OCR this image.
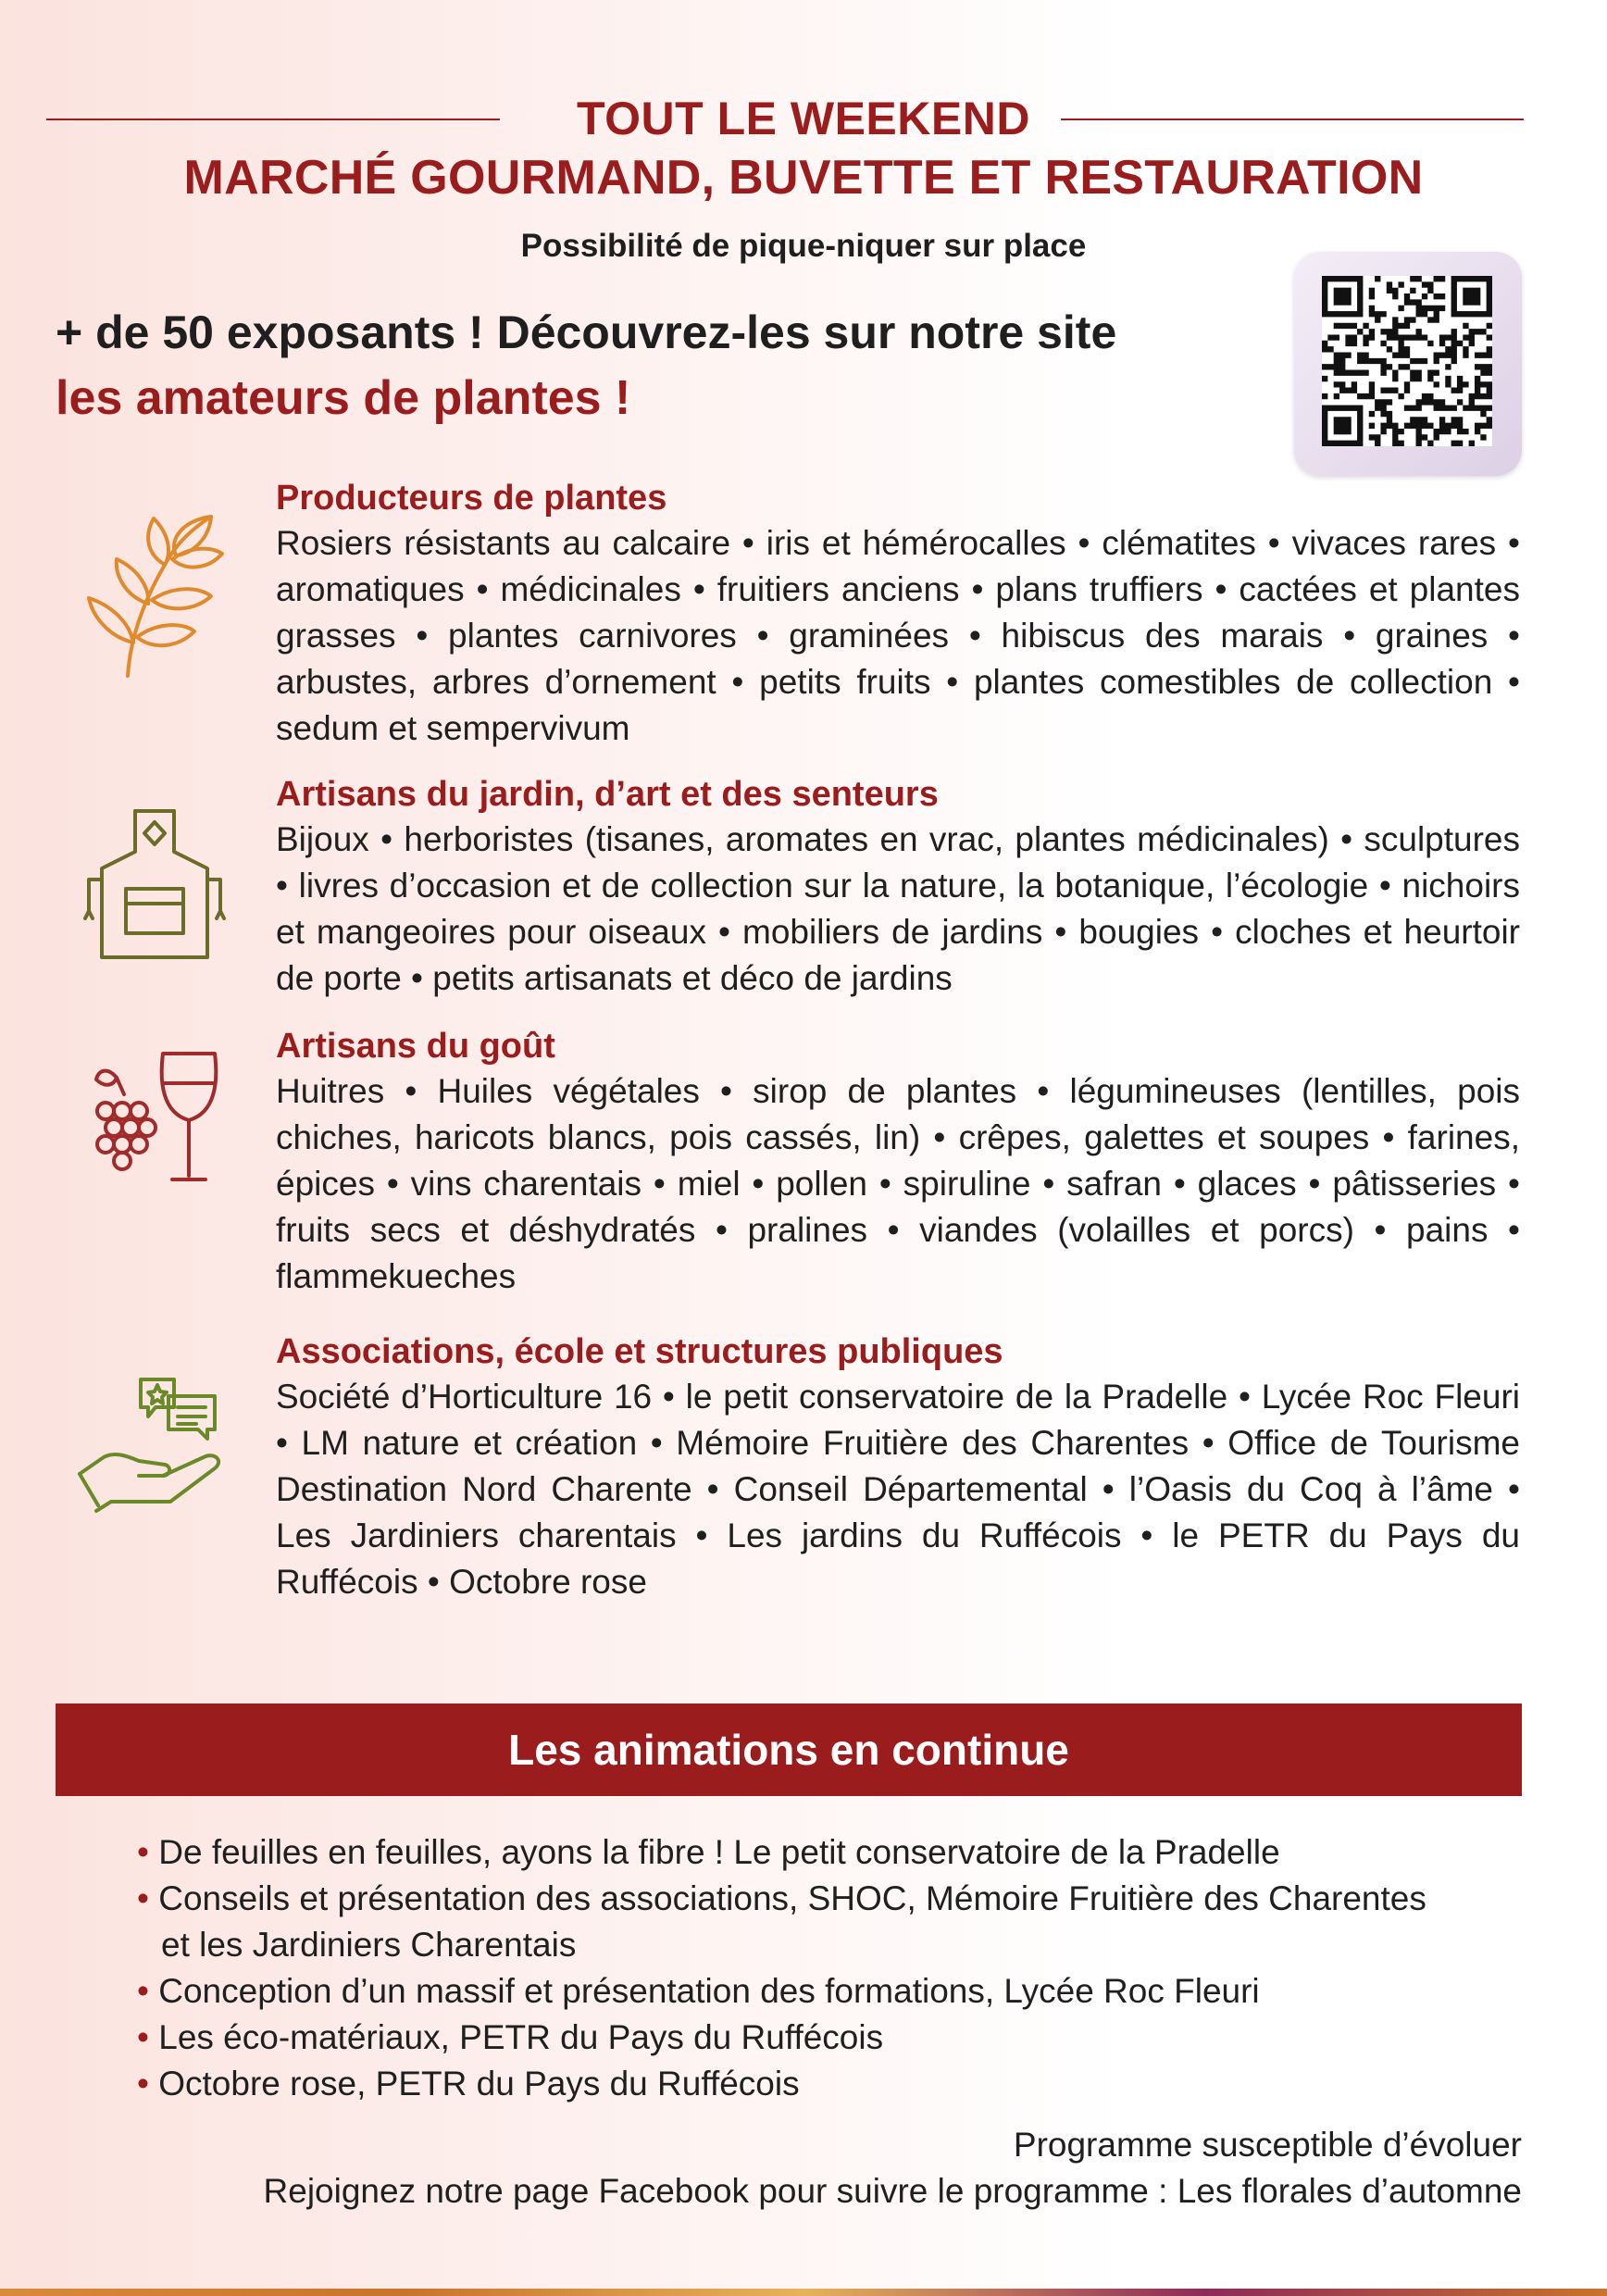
TOUT LE WEEKEND
MARCHÉ GOURMAND, BUVETTE ET RESTAURATION
Possibilité de pique-niquer sur place
+ de 50 exposants ! Découvrez-les sur notre site
les amateurs de plantes !
Producteurs de plantes
Rosiers résistants au calcaire • iris et hémérocalles • clématites • vivaces rares • aromatiques • médicinales • fruitiers anciens • plans truffiers • cactées et plantes grasses • plantes carnivores • graminées • hibiscus des marais • graines • arbustes, arbres d’ornement • petits fruits • plantes comestibles de collection • sedum et sempervivum
Artisans du jardin, d’art et des senteurs
Bijoux • herboristes (tisanes, aromates en vrac, plantes médicinales) • sculptures • livres d’occasion et de collection sur la nature, la botanique, l’écologie • nichoirs et mangeoires pour oiseaux • mobiliers de jardins • bougies • cloches et heurtoir de porte • petits artisanats et déco de jardins
Artisans du goût
Huitres • Huiles végétales • sirop de plantes • légumineuses (lentilles, pois chiches, haricots blancs, pois cassés, lin) • crêpes, galettes et soupes • farines, épices • vins charentais • miel • pollen • spiruline • safran • glaces • pâtisseries • fruits secs et déshydratés • pralines • viandes (volailles et porcs) • pains • flammekueches
Associations, école et structures publiques
Société d’Horticulture 16 • le petit conservatoire de la Pradelle • Lycée Roc Fleuri • LM nature et création • Mémoire Fruitière des Charentes • Office de Tourisme Destination Nord Charente • Conseil Départemental • l’Oasis du Coq à l’âme • Les Jardiniers charentais • Les jardins du Ruffécois • le PETR du Pays du Ruffécois • Octobre rose
Les animations en continue
• De feuilles en feuilles, ayons la fibre ! Le petit conservatoire de la Pradelle
• Conseils et présentation des associations, SHOC, Mémoire Fruitière des Charentes et les Jardiniers Charentais
• Conception d’un massif et présentation des formations, Lycée Roc Fleuri
• Les éco-matériaux, PETR du Pays du Ruffécois
• Octobre rose, PETR du Pays du Ruffécois
Programme susceptible d’évoluer
Rejoignez notre page Facebook pour suivre le programme : Les florales d’automne
